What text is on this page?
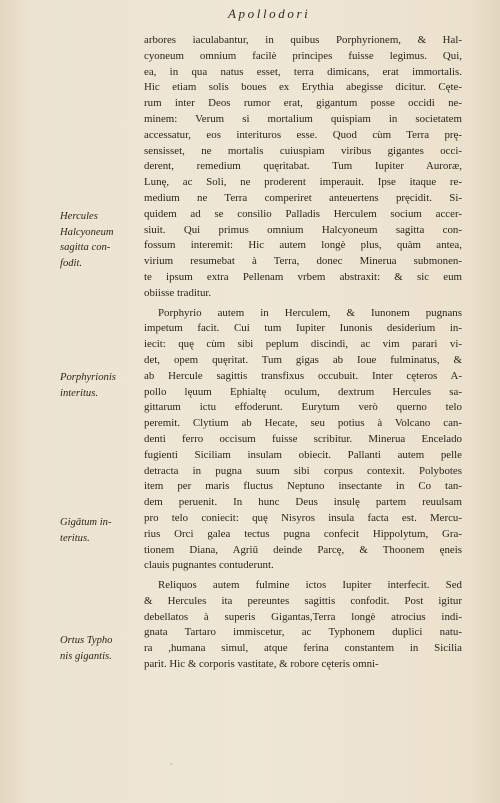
Apollodori
arbores iaculabantur, in quibus Porphyrionem, & Hal-
cyoneum omnium facilè principes fuisse legimus. Qui,
ea, in qua natus esset, terra dimicans, erat immortalis.
Hic etiam solis boues ex Erythia abegisse dicitur. Cęte-
rum inter Deos rumor erat, gigantum posse occidi ne-
minem: Verum si mortalium quispiam in societatem
accessatur, eos interituros esse. Quod cùm Terra prę-
sensisset, ne mortalis cuiuspiam viribus gigantes occi-
derent, remedium quęritabat. Tum Iupiter Auroræ,
Lunę, ac Soli, ne proderent imperauit. Ipse itaque re-
medium ne Terra comperiret anteuertens pręcidit. Si-
quidem ad se consilio Palladis Herculem socium accer-
siuit. Qui primus omnium Halcyoneum sagitta con-
fossum interemit: Hic autem longè plus, quàm antea,
virium resumebat à Terra, donec Minerua submonen-
te ipsum extra Pellenam vrbem abstraxit: & sic eum
obiisse traditur.
Porphyrio autem in Herculem, & Iunonem pugnans
impetum facit. Cui tum Iupiter Iunonis desiderium in-
iecit: quę cùm sibi peplum discindi, ac vim parari vi-
det, opem quęritat. Tum gigas ab Ioue fulminatus, &
ab Hercule sagittis transfixus occubuit. Inter cęteros A-
pollo lęuum Ephialtę oculum, dextrum Hercules sa-
gittarum ictu effoderunt. Eurytum verò querno telo
peremit. Clytium ab Hecate, seu potius à Volcano can-
denti ferro occisum fuisse scribitur. Minerua Encelado
fugienti Siciliam insulam obiecit. Pallanti autem pelle
detracta in pugna suum sibi corpus contexit. Polybotes
item per maris fluctus Neptuno insectante in Co tan-
dem peruenit. In hunc Deus insulę partem reuulsam
pro telo coniecit: quę Nisyros insula facta est. Mercu-
rius Orci galea tectus pugna confecit Hippolytum, Gra-
tionem Diana, Agriū deinde Parcę, & Thoonem ęneis
clauis pugnantes contuderunt.
Reliquos autem fulmine ictos Iupiter interfecit. Sed
& Hercules ita pereuntes sagittis confodit. Post igitur
debellatos à superis Gigantas,Terra longè atrocius indi-
gnata Tartaro immiscetur, ac Typhonem duplici natu-
ra ,humana simul, atque ferina constantem in Sicilia
parit. Hic & corporis vastitate, & robore cęteris omni-
Hercules
Halcyoneum
sagitta con-
fodit.
Porphyrionis
interitus.
Gigātum in-
teritus.
Ortus Typho
nis gigantis.
˘
